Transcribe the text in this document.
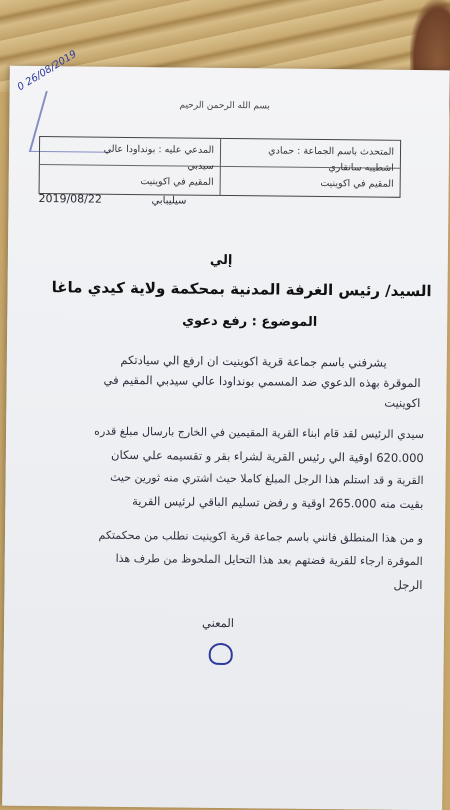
0 26/08/2019
بسم الله الرحمن الرحيم
المتحدث باسم الجماعة : حمادي
اشطيبه سانقاري
المقيم في اكوينيت
المدعي عليه : بونداودا عالي
سيدبي
المقيم في اكوينيت
سيليبابي
2019/08/22
إلي
السيد/ رئيس الغرفة المدنية بمحكمة ولاية كيدي ماغا
الموضوع : رفع دعوي
يشرفني باسم جماعة قرية اكوينيت ان ارفع الي سيادتكم
الموقرة بهذه الدعوي ضد المسمي بونداودا عالي سيدبي المقيم في
اكوينيت
سيدي الرئيس لقد قام ابناء القرية المقيمين في الخارج بارسال مبلغ قدره
620.000 اوقية الي رئيس القرية لشراء بقر و تقسيمه علي سكان
القرية و قد استلم هذا الرجل المبلغ كاملا حيث اشتري منه ثورين حيث
بقيت منه 265.000 اوقية و رفض تسليم الباقي لرئيس القرية
و من هذا المنطلق فانني باسم جماعة قرية اكوينيت نطلب من محكمتكم
الموقرة ارجاء للقرية فضتهم بعد هذا التحايل الملحوظ من طرف هذا
الرجل
المعني
